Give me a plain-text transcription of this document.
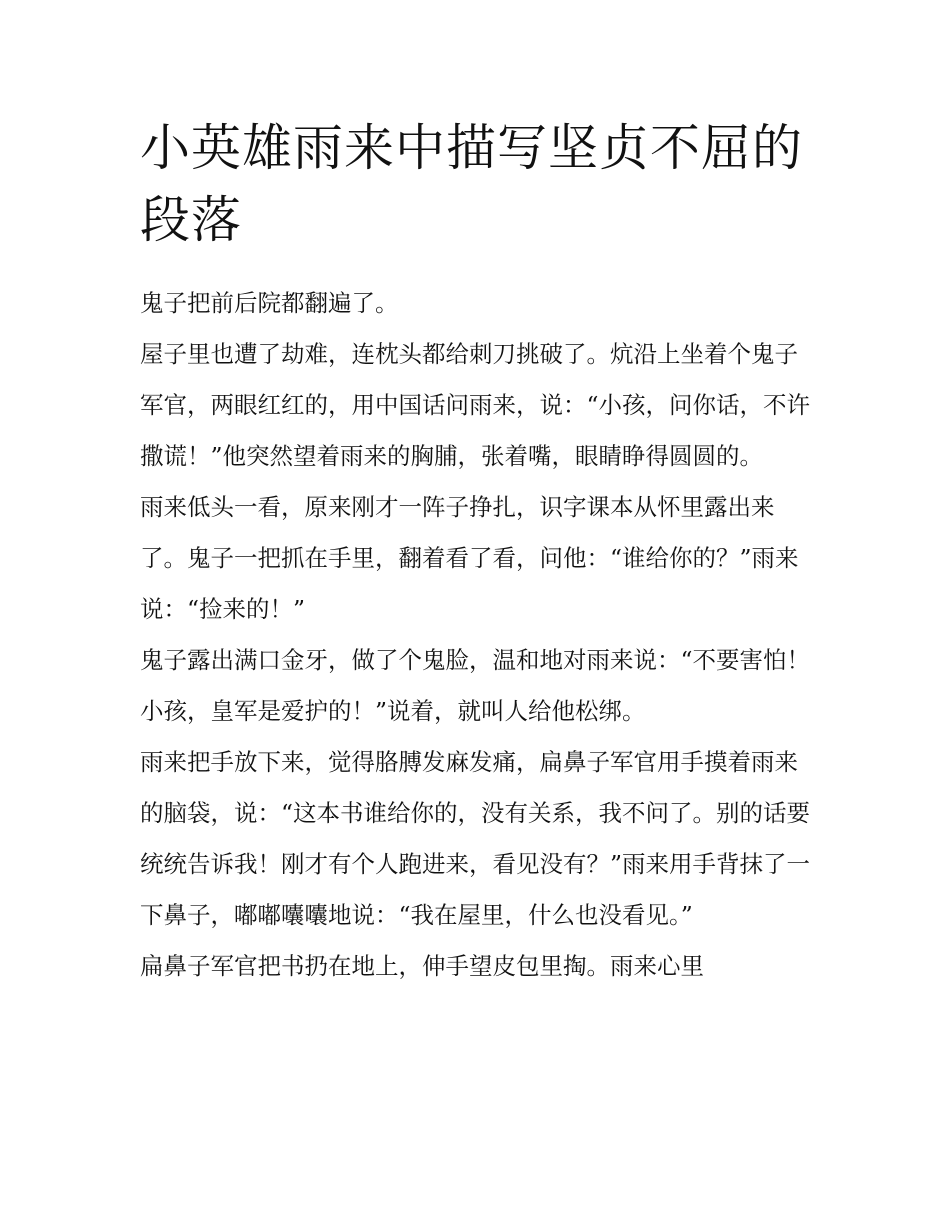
小英雄雨来中描写坚贞不屈的段落

鬼子把前后院都翻遍了。

屋子里也遭了劫难，连枕头都给刺刀挑破了。炕沿上坐着个鬼子军官，两眼红红的，用中国话问雨来，说：“小孩，问你话，不许撒谎！”他突然望着雨来的胸脯，张着嘴，眼睛睁得圆圆的。

雨来低头一看，原来刚才一阵子挣扎，识字课本从怀里露出来了。鬼子一把抓在手里，翻着看了看，问他：“谁给你的？”雨来说：“捡来的！”

鬼子露出满口金牙，做了个鬼脸，温和地对雨来说：“不要害怕！小孩，皇军是爱护的！”说着，就叫人给他松绑。

雨来把手放下来，觉得胳膊发麻发痛，扁鼻子军官用手摸着雨来的脑袋，说：“这本书谁给你的，没有关系，我不问了。别的话要统统告诉我！刚才有个人跑进来，看见没有？”雨来用手背抹了一下鼻子，嘟嘟囔囔地说：“我在屋里，什么也没看见。”

扁鼻子军官把书扔在地上，伸手望皮包里掏。雨来心里
